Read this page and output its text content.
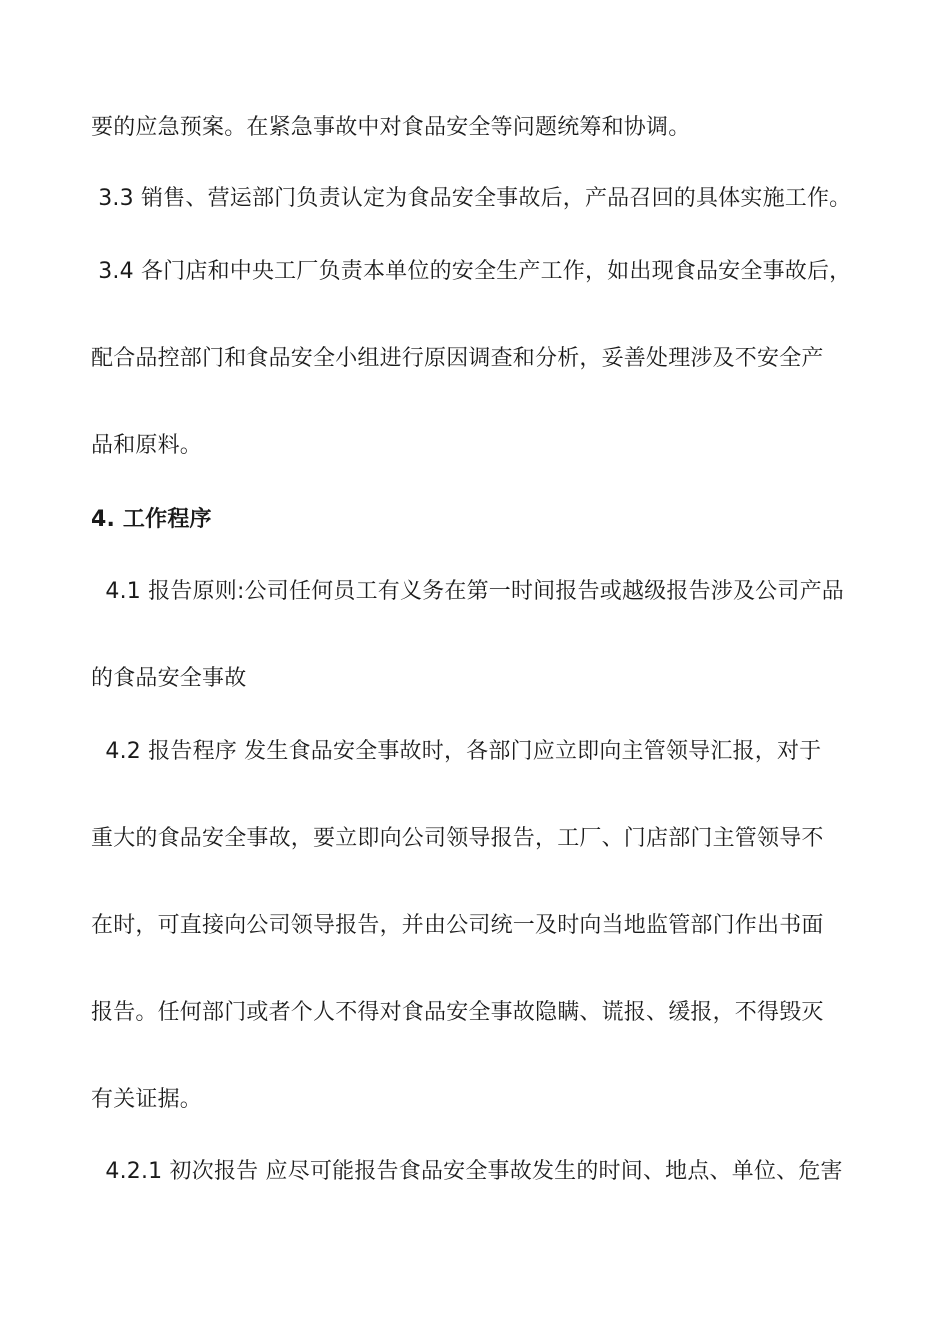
要的应急预案。在紧急事故中对食品安全等问题统筹和协调。
3.3 销售、营运部门负责认定为食品安全事故后，产品召回的具体实施工作。
3.4 各门店和中央工厂负责本单位的安全生产工作，如出现食品安全事故后，
配合品控部门和食品安全小组进行原因调查和分析，妥善处理涉及不安全产
品和原料。
4. 工作程序
4.1 报告原则:公司任何员工有义务在第一时间报告或越级报告涉及公司产品
的食品安全事故
4.2 报告程序 发生食品安全事故时，各部门应立即向主管领导汇报，对于
重大的食品安全事故，要立即向公司领导报告，工厂、门店部门主管领导不
在时，可直接向公司领导报告，并由公司统一及时向当地监管部门作出书面
报告。任何部门或者个人不得对食品安全事故隐瞒、谎报、缓报，不得毁灭
有关证据。
4.2.1 初次报告 应尽可能报告食品安全事故发生的时间、地点、单位、危害
